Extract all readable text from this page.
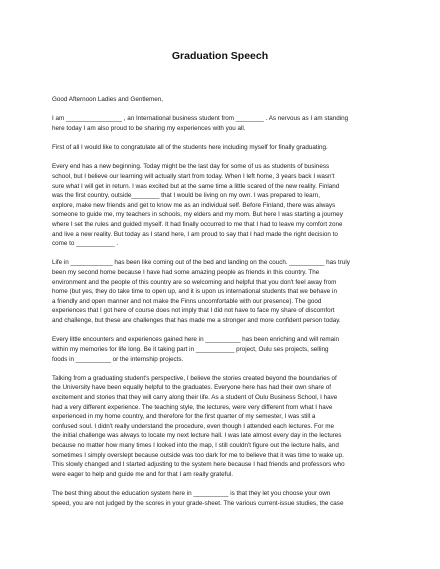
Graduation Speech

Good Afternoon Ladies and Gentlemen,

I am ________________ , an International business student from ________ . As nervous as I am standing
here today I am also proud to be sharing my experiences with you all.

First of all I would like to congratulate all of the students here including myself for finally graduating.

Every end has a new beginning. Today might be the last day for some of us as students of business
school, but I believe our learning will actually start from today. When I left home, 3 years back I wasn't
sure what I will get in return. I was excited but at the same time a little scared of the new reality. Finland
was the first country, outside________ that I would be living on my own. I was prepared to learn,
explore, make new friends and get to know me as an individual self. Before Finland, there was always
someone to guide me, my teachers in schools, my elders and my mom. But here I was starting a journey
where I set the rules and guided myself. It had finally occurred to me that I had to leave my comfort zone
and live a new reality. But today as I stand here, I am proud to say that I had made the right decision to
come to ___________ .

Life in ____________ has been like coming out of the bed and landing on the couch. __________ has truly
been my second home because I have had some amazing people as friends in this country. The
environment and the people of this country are so welcoming and helpful that you don't feel away from
home (but yes, they do take time to open up, and it is upon us international students that we behave in
a friendly and open manner and not make the Finns uncomfortable with our presence). The good
experiences that I got here of course does not imply that I did not have to face my share of discomfort
and challenge, but these are challenges that has made me a stronger and more confident person today.

Every little encounters and experiences gained here in __________ has been enriching and will remain
within my memories for life long. Be it taking part in ___________ project, Oulu ses projects, selling
foods in __________ or the internship projects.

Talking from a graduating student's perspective, I believe the stories created beyond the boundaries of
the University have been equally helpful to the graduates. Everyone here has had their own share of
excitement and stories that they will carry along their life. As a student of Oulu Business School, I have
had a very different experience. The teaching style, the lectures, were very different from what I have
experienced in my home country, and therefore for the first quarter of my semester, I was still a
confused soul. I didn't really understand the procedure, even though I attended each lectures. For me
the initial challenge was always to locate my next lecture hall. I was late almost every day in the lectures
because no matter how many times I looked into the map, I still couldn't figure out the lecture halls, and
sometimes I simply overslept because outside was too dark for me to believe that it was time to wake up.
This slowly changed and I started adjusting to the system here because I had friends and professors who
were eager to help and guide me and for that I am really grateful.

The best thing about the education system here in __________ is that they let you choose your own
speed, you are not judged by the scores in your grade-sheet. The various current-issue studies, the case
